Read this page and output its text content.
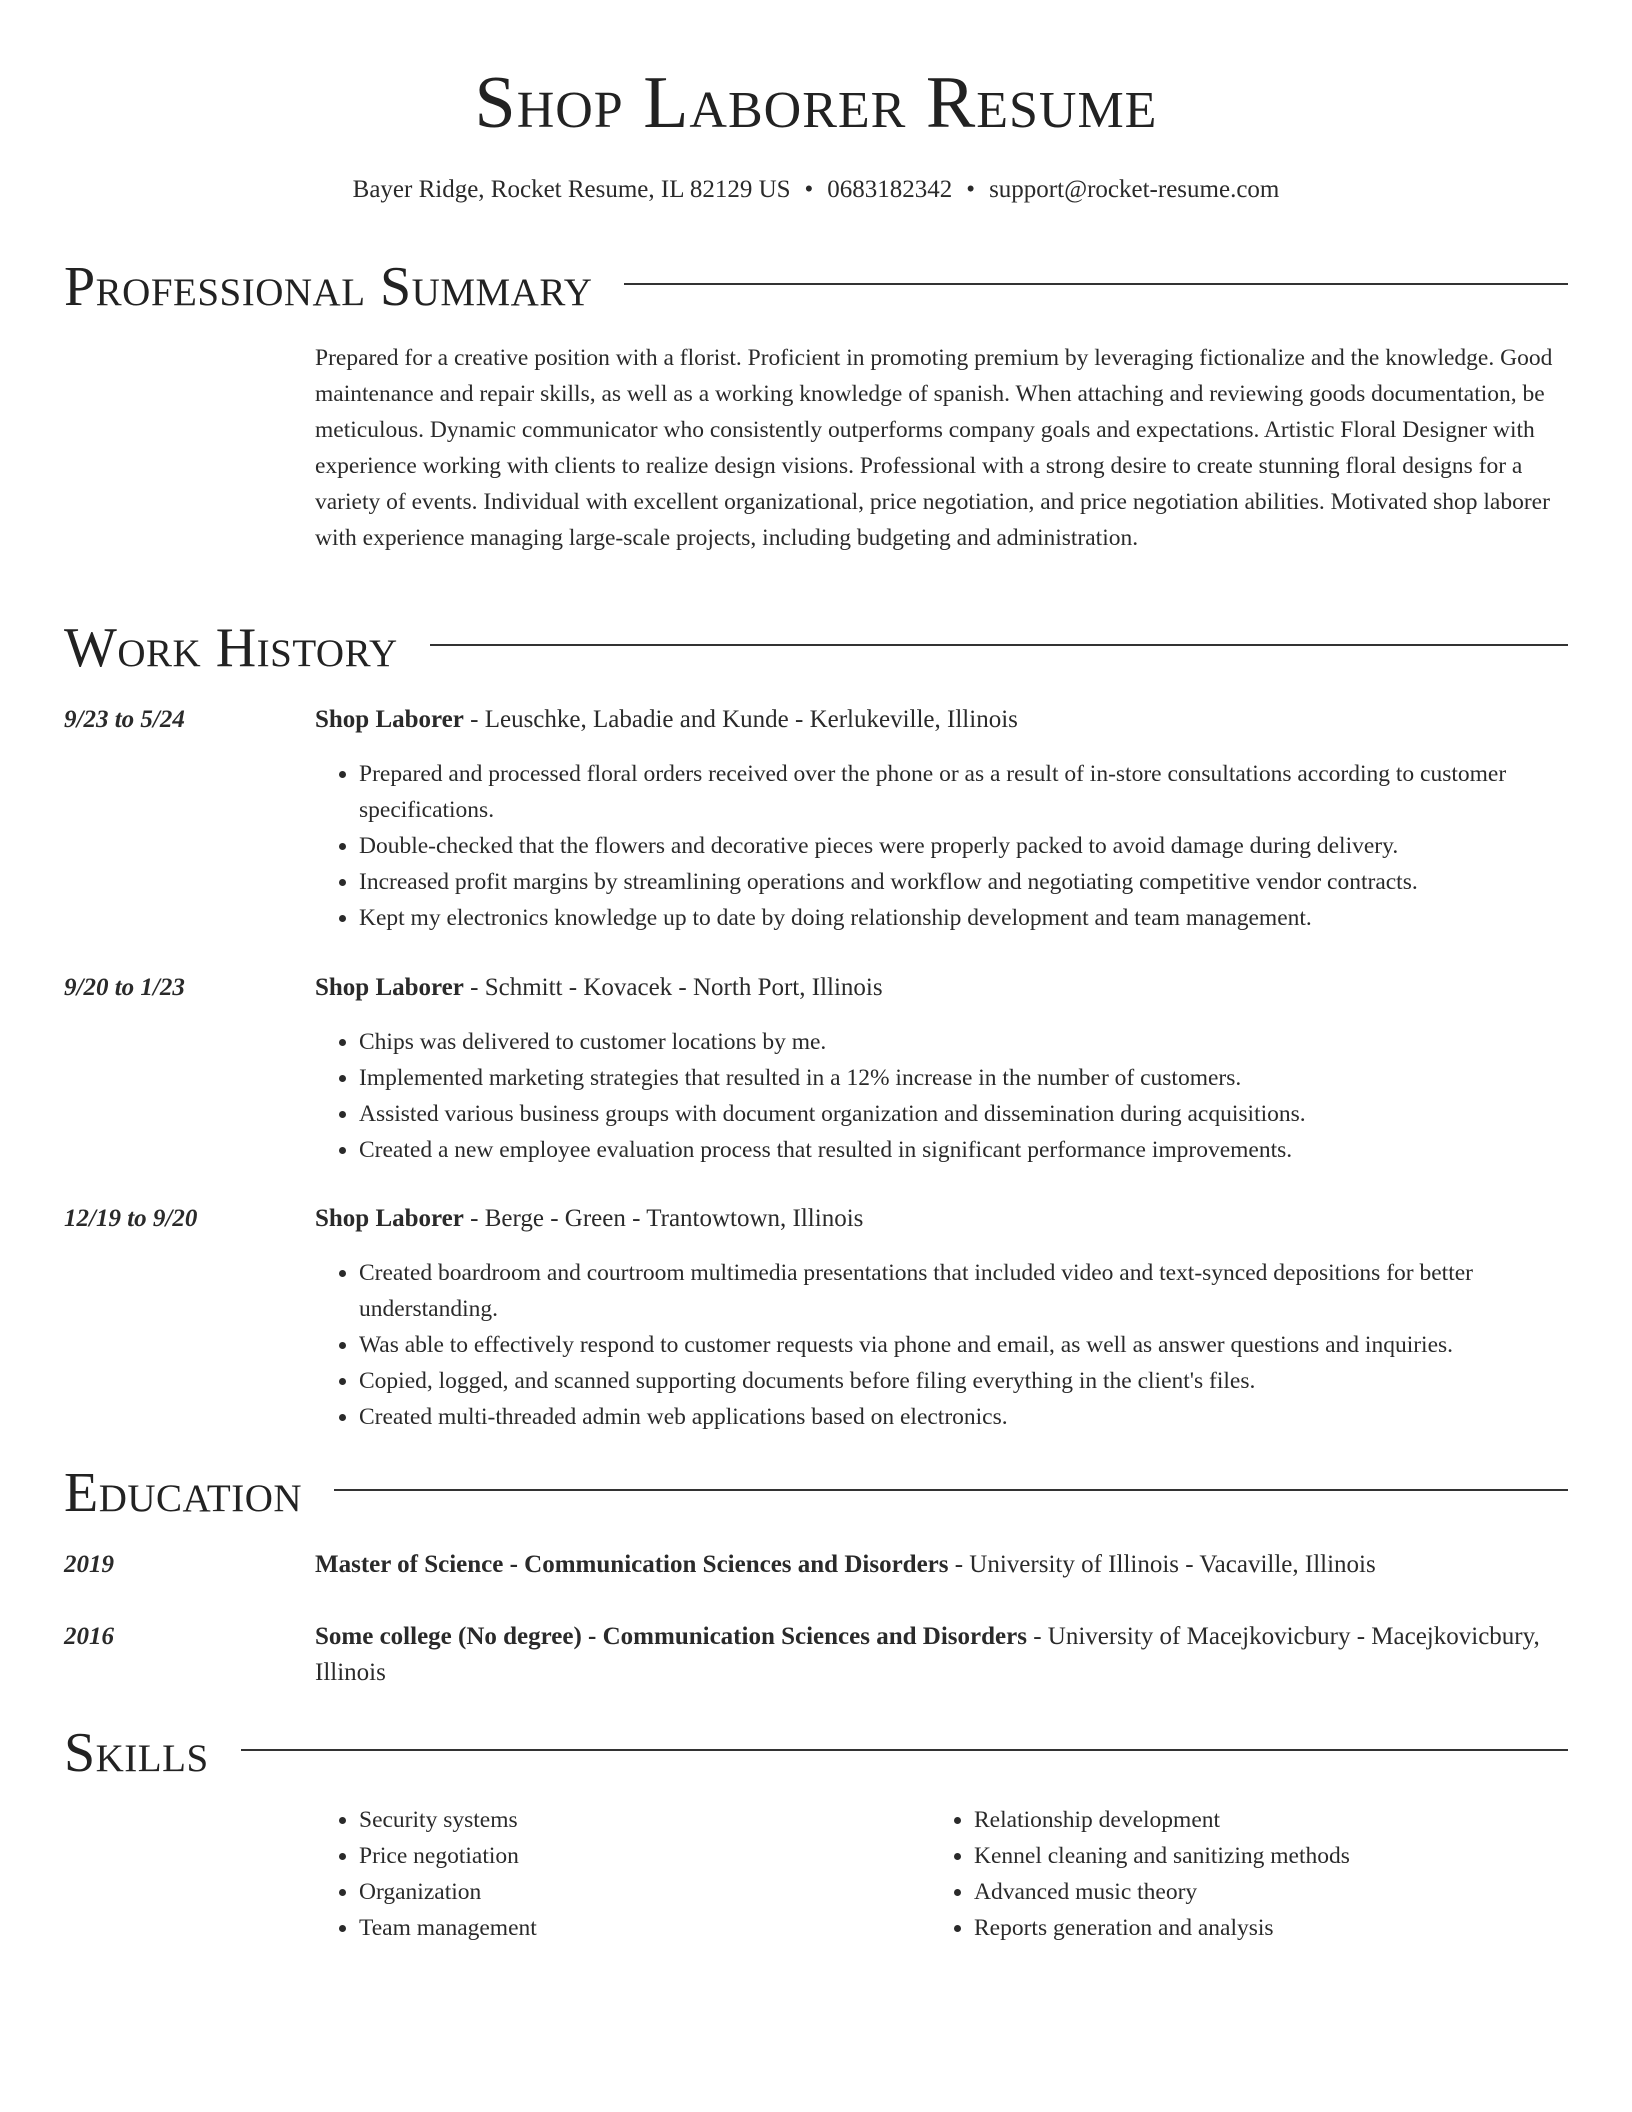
Shop Laborer Resume
Bayer Ridge, Rocket Resume, IL 82129 US • 0683182342 • support@rocket-resume.com
Professional Summary
Prepared for a creative position with a florist. Proficient in promoting premium by leveraging fictionalize and the knowledge. Good maintenance and repair skills, as well as a working knowledge of spanish. When attaching and reviewing goods documentation, be meticulous. Dynamic communicator who consistently outperforms company goals and expectations. Artistic Floral Designer with experience working with clients to realize design visions. Professional with a strong desire to create stunning floral designs for a variety of events. Individual with excellent organizational, price negotiation, and price negotiation abilities. Motivated shop laborer with experience managing large-scale projects, including budgeting and administration.
Work History
9/23 to 5/24	Shop Laborer - Leuschke, Labadie and Kunde - Kerlukeville, Illinois
• Prepared and processed floral orders received over the phone or as a result of in-store consultations according to customer specifications.
• Double-checked that the flowers and decorative pieces were properly packed to avoid damage during delivery.
• Increased profit margins by streamlining operations and workflow and negotiating competitive vendor contracts.
• Kept my electronics knowledge up to date by doing relationship development and team management.
9/20 to 1/23	Shop Laborer - Schmitt - Kovacek - North Port, Illinois
• Chips was delivered to customer locations by me.
• Implemented marketing strategies that resulted in a 12% increase in the number of customers.
• Assisted various business groups with document organization and dissemination during acquisitions.
• Created a new employee evaluation process that resulted in significant performance improvements.
12/19 to 9/20	Shop Laborer - Berge - Green - Trantowtown, Illinois
• Created boardroom and courtroom multimedia presentations that included video and text-synced depositions for better understanding.
• Was able to effectively respond to customer requests via phone and email, as well as answer questions and inquiries.
• Copied, logged, and scanned supporting documents before filing everything in the client's files.
• Created multi-threaded admin web applications based on electronics.
Education
2019	Master of Science - Communication Sciences and Disorders - University of Illinois - Vacaville, Illinois
2016	Some college (No degree) - Communication Sciences and Disorders - University of Macejkovicbury - Macejkovicbury, Illinois
Skills
• Security systems
• Price negotiation
• Organization
• Team management
• Relationship development
• Kennel cleaning and sanitizing methods
• Advanced music theory
• Reports generation and analysis
